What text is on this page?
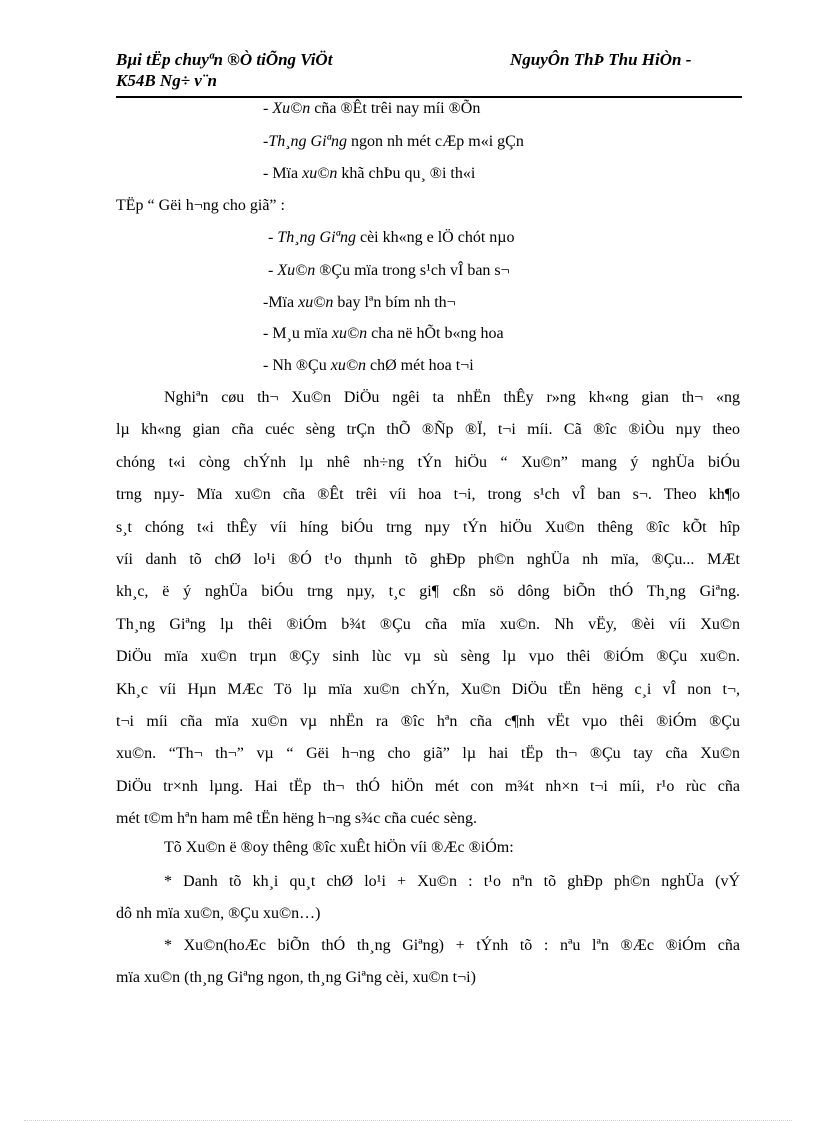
Bµi tËp chuyªn ®Ò tiÕng ViÖt	NguyÔn ThÞ Thu HiÒn -
K54B Ng÷ v¨n
- Xu©n cña ®Êt trêi nay míi ®Õn
-Th¸ng Giªng ngon nh mét cÆp m«i gÇn
- Mïa xu©n khã chÞu qu¸ ®i th«i
TËp “ Gëi h¬ng cho giã” :
- Th¸ng Giªng cèi kh«ng e lÖ chót nµo
- Xu©n ®Çu mïa trong s¹ch vÎ ban s¬
-Mïa xu©n bay lªn bím nh th¬
- M¸u mïa xu©n cha në hÕt b«ng hoa
- Nh ®Çu xu©n chØ mét hoa t¬i
Nghiªn cøu th¬ Xu©n DiÖu ngêi ta nhËn thÊy r»ng kh«ng gian th¬ «ng
lµ kh«ng gian cña cuéc sèng trÇn thÕ ®Ñp ®Ï, t¬i míi. Cã ®îc ®iÒu nµy theo
chóng t«i còng chÝnh lµ nhê nh÷ng tÝn hiÖu “ Xu©n” mang ý nghÜa biÓu
trng nµy- Mïa xu©n cña ®Êt trêi víi hoa t¬i, trong s¹ch vÎ ban s¬. Theo kh¶o
s¸t chóng t«i thÊy víi híng biÓu trng nµy tÝn hiÖu Xu©n thêng ®îc kÕt hîp
víi danh tõ chØ lo¹i ®Ó t¹o thµnh tõ ghÐp ph©n nghÜa nh mïa, ®Çu... MÆt
kh¸c, ë ý nghÜa biÓu trng nµy, t¸c gi¶ cßn sö dông biÕn thÓ Th¸ng Giªng.
Th¸ng Giªng lµ thêi ®iÓm b¾t ®Çu cña mïa xu©n. Nh vËy, ®èi víi Xu©n
DiÖu mïa xu©n trµn ®Çy sinh lùc vµ sù sèng lµ vµo thêi ®iÓm ®Çu xu©n.
Kh¸c víi Hµn MÆc Tö lµ mïa xu©n chÝn, Xu©n DiÖu tËn hëng c¸i vÎ non t¬,
t¬i míi cña mïa xu©n vµ nhËn ra ®îc hªn cña c¶nh vËt vµo thêi ®iÓm ®Çu
xu©n. “Th¬ th¬” vµ “ Gëi h¬ng cho giã” lµ hai tËp th¬ ®Çu tay cña Xu©n
DiÖu tr×nh lµng. Hai tËp th¬ thÓ hiÖn mét con m¾t nh×n t¬i míi, r¹o rùc cña
mét t©m hªn ham mê tËn hëng h¬ng s¾c cña cuéc sèng.
Tõ Xu©n ë ®oy thêng ®îc xuÊt hiÖn víi ®Æc ®iÓm:
* Danh tõ kh¸i qu¸t chØ lo¹i + Xu©n : t¹o nªn tõ ghÐp ph©n nghÜa (vÝ
dô nh mïa xu©n, ®Çu xu©n…)
* Xu©n(hoÆc biÕn thÓ th¸ng Giªng) + tÝnh tõ : nªu lªn ®Æc ®iÓm cña
mïa xu©n (th¸ng Giªng ngon, th¸ng Giªng cèi, xu©n t¬i)
